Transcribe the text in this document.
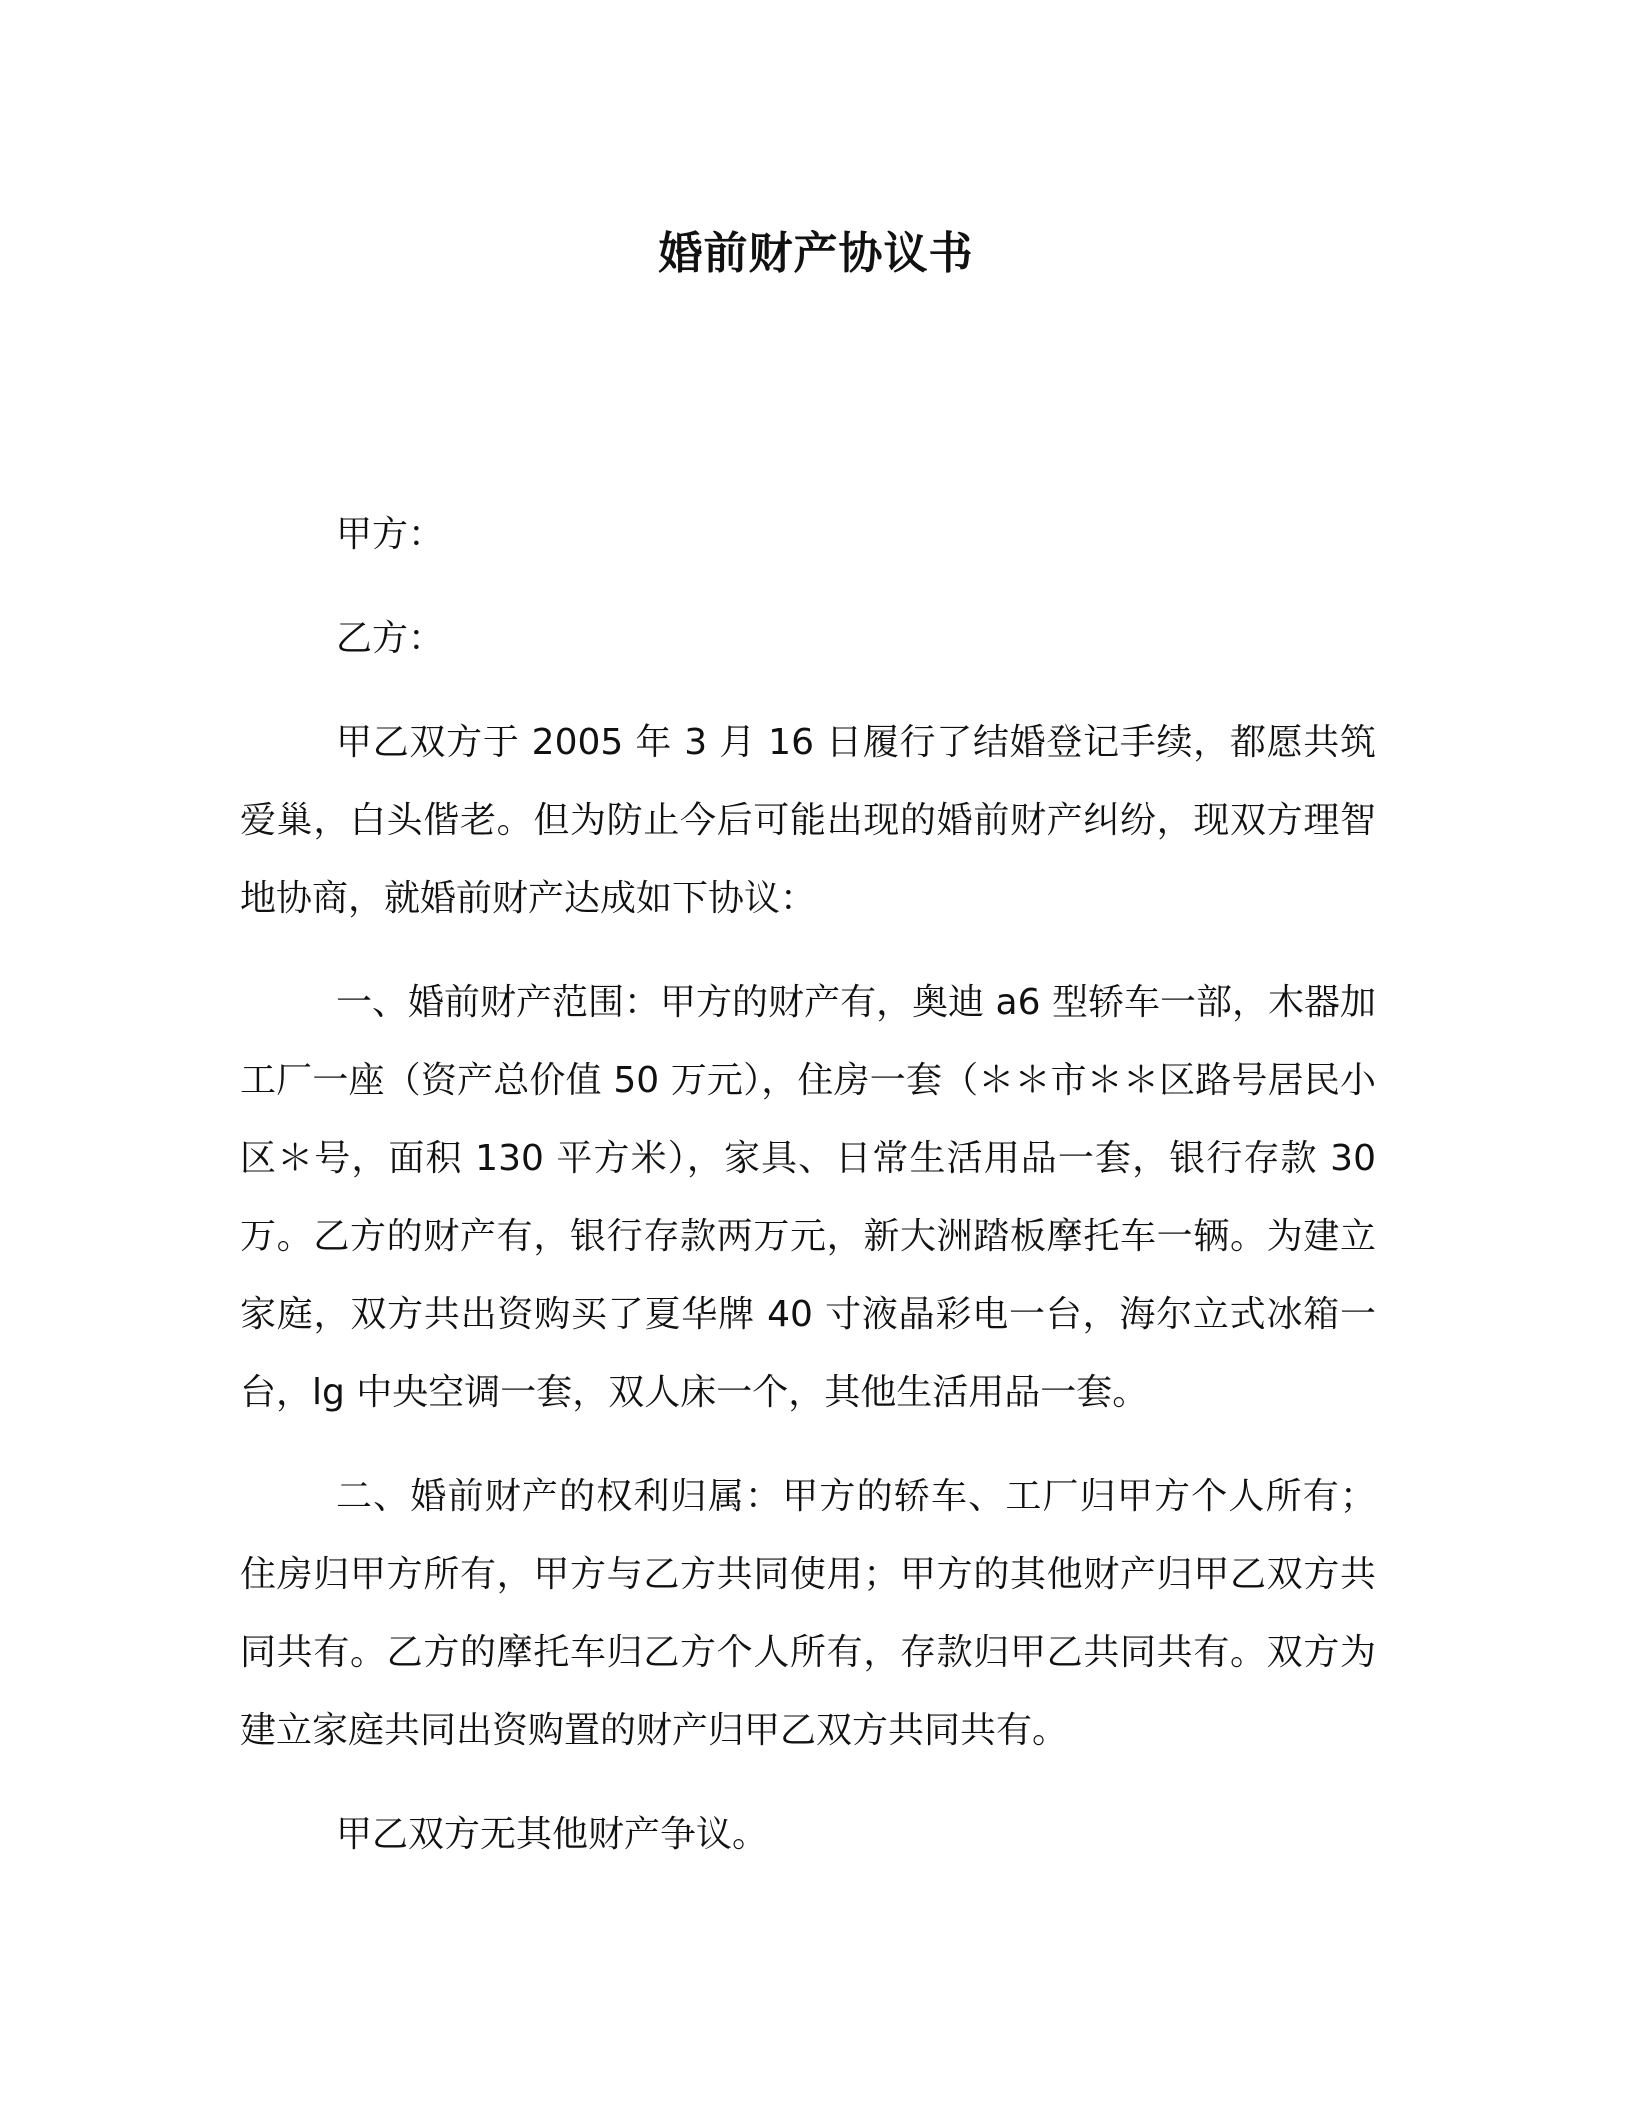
婚前财产协议书

甲方：

乙方：

甲乙双方于 2005 年 3 月 16 日履行了结婚登记手续，都愿共筑爱巢，白头偕老。但为防止今后可能出现的婚前财产纠纷，现双方理智地协商，就婚前财产达成如下协议：

一、婚前财产范围：甲方的财产有，奥迪 a6 型轿车一部，木器加工厂一座（资产总价值 50 万元），住房一套（＊＊市＊＊区路号居民小区＊号，面积 130 平方米），家具、日常生活用品一套，银行存款 30 万。乙方的财产有，银行存款两万元，新大洲踏板摩托车一辆。为建立家庭，双方共出资购买了夏华牌 40 寸液晶彩电一台，海尔立式冰箱一台，lg 中央空调一套，双人床一个，其他生活用品一套。

二、婚前财产的权利归属：甲方的轿车、工厂归甲方个人所有；住房归甲方所有，甲方与乙方共同使用；甲方的其他财产归甲乙双方共同共有。乙方的摩托车归乙方个人所有，存款归甲乙共同共有。双方为建立家庭共同出资购置的财产归甲乙双方共同共有。

甲乙双方无其他财产争议。
